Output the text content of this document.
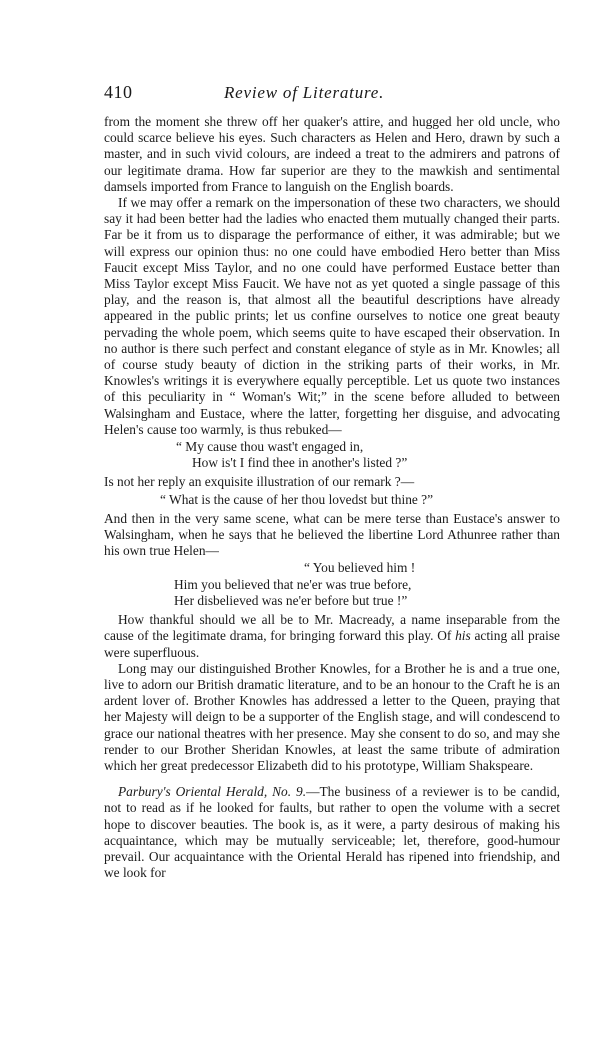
410	Review of Literature.

from the moment she threw off her quaker's attire, and hugged her old uncle, who could scarce believe his eyes. Such characters as Helen and Hero, drawn by such a master, and in such vivid colours, are indeed a treat to the admirers and patrons of our legitimate drama. How far superior are they to the mawkish and sentimental damsels imported from France to languish on the English boards.

If we may offer a remark on the impersonation of these two characters, we should say it had been better had the ladies who enacted them mutually changed their parts. Far be it from us to disparage the performance of either, it was admirable; but we will express our opinion thus: no one could have embodied Hero better than Miss Faucit except Miss Taylor, and no one could have performed Eustace better than Miss Taylor except Miss Faucit. We have not as yet quoted a single passage of this play, and the reason is, that almost all the beautiful descriptions have already appeared in the public prints; let us confine ourselves to notice one great beauty pervading the whole poem, which seems quite to have escaped their observation. In no author is there such perfect and constant elegance of style as in Mr. Knowles; all of course study beauty of diction in the striking parts of their works, in Mr. Knowles's writings it is everywhere equally perceptible. Let us quote two instances of this peculiarity in “ Woman's Wit;” in the scene before alluded to between Walsingham and Eustace, where the latter, forgetting her disguise, and advocating Helen's cause too warmly, is thus rebuked—

“ My cause thou wast't engaged in,
How is't I find thee in another's listed ?”

Is not her reply an exquisite illustration of our remark ?—

“ What is the cause of her thou lovedst but thine ?”

And then in the very same scene, what can be mere terse than Eustace's answer to Walsingham, when he says that he believed the libertine Lord Athunree rather than his own true Helen—

“ You believed him !
Him you believed that ne'er was true before,
Her disbelieved was ne'er before but true !”

How thankful should we all be to Mr. Macready, a name inseparable from the cause of the legitimate drama, for bringing forward this play. Of his acting all praise were superfluous.

Long may our distinguished Brother Knowles, for a Brother he is and a true one, live to adorn our British dramatic literature, and to be an honour to the Craft he is an ardent lover of. Brother Knowles has addressed a letter to the Queen, praying that her Majesty will deign to be a supporter of the English stage, and will condescend to grace our national theatres with her presence. May she consent to do so, and may she render to our Brother Sheridan Knowles, at least the same tribute of admiration which her great predecessor Elizabeth did to his prototype, William Shakspeare.

Parbury's Oriental Herald, No. 9.—The business of a reviewer is to be candid, not to read as if he looked for faults, but rather to open the volume with a secret hope to discover beauties. The book is, as it were, a party desirous of making his acquaintance, which may be mutually serviceable; let, therefore, good-humour prevail. Our acquaintance with the Oriental Herald has ripened into friendship, and we look for
